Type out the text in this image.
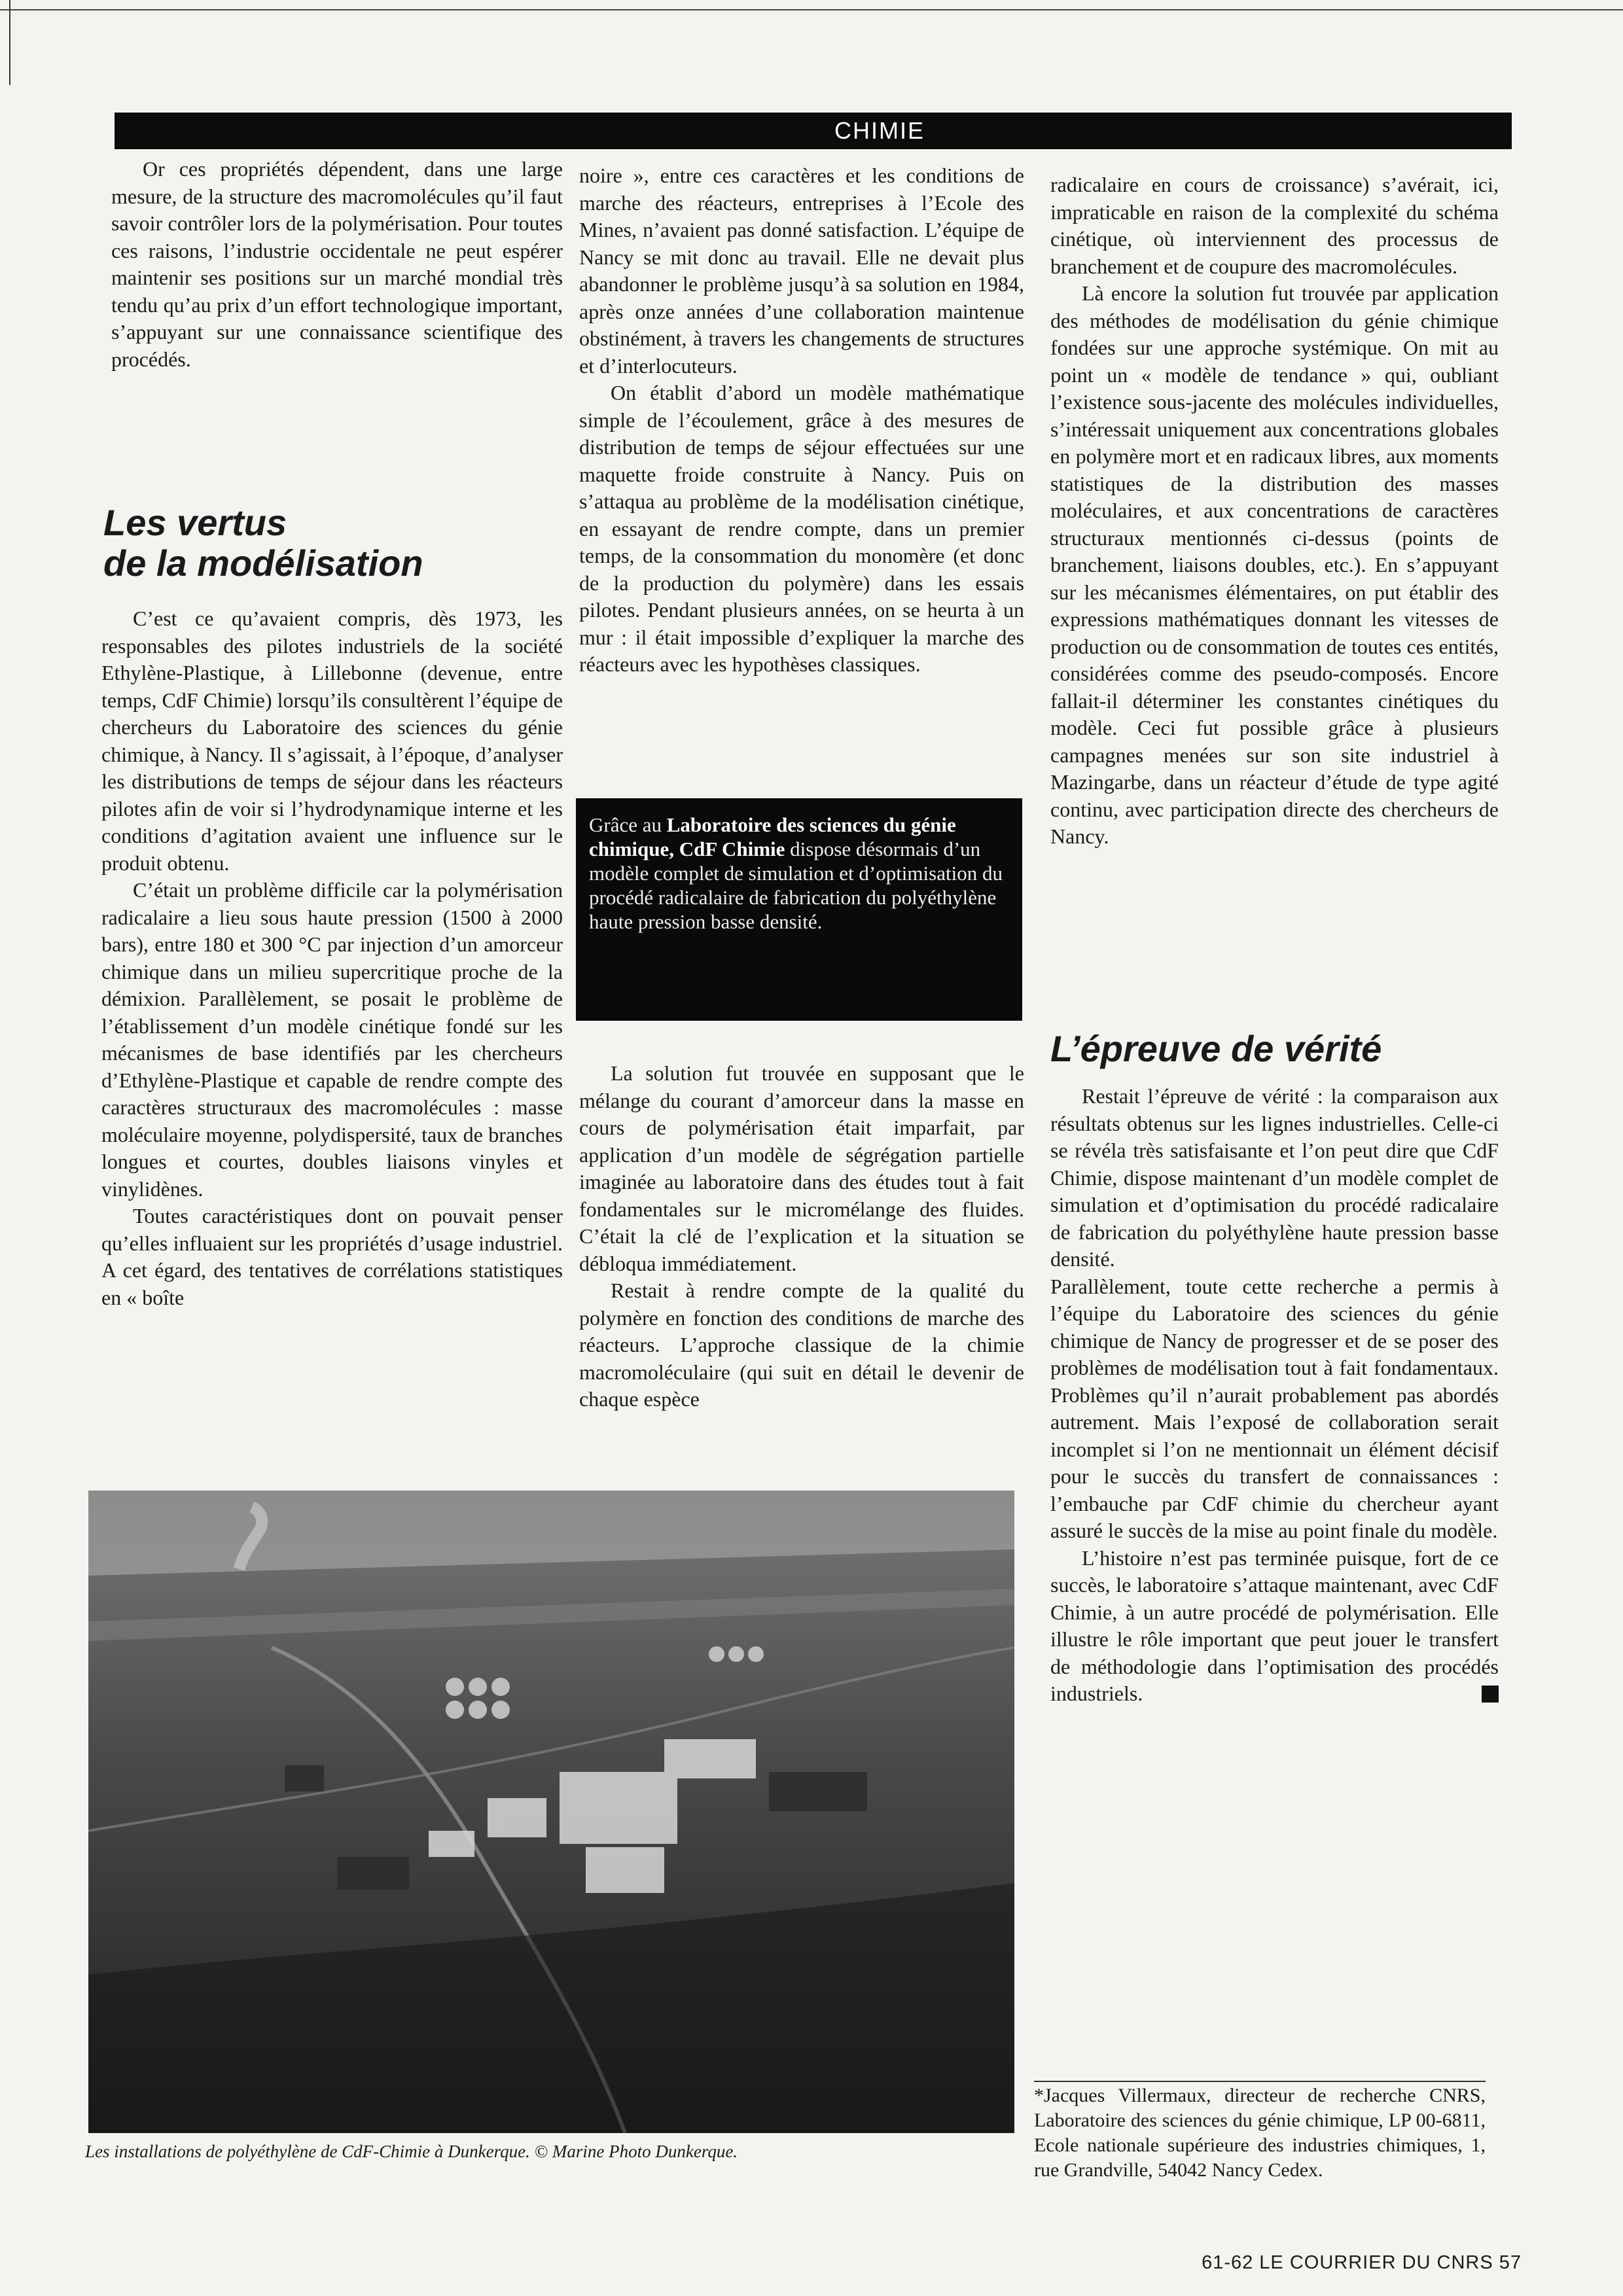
CHIMIE

Or ces propriétés dépendent, dans une large mesure, de la structure des macromolécules qu’il faut savoir contrôler lors de la polymérisation. Pour toutes ces raisons, l’industrie occidentale ne peut espérer maintenir ses positions sur un marché mondial très tendu qu’au prix d’un effort technologique important, s’appuyant sur une connaissance scientifique des procédés.

Les vertus
de la modélisation

C’est ce qu’avaient compris, dès 1973, les responsables des pilotes industriels de la société Ethylène-Plastique, à Lillebonne (devenue, entre temps, CdF Chimie) lorsqu’ils consultèrent l’équipe de chercheurs du Laboratoire des sciences du génie chimique, à Nancy. Il s’agissait, à l’époque, d’analyser les distributions de temps de séjour dans les réacteurs pilotes afin de voir si l’hydrodynamique interne et les conditions d’agitation avaient une influence sur le produit obtenu.

C’était un problème difficile car la polymérisation radicalaire a lieu sous haute pression (1500 à 2000 bars), entre 180 et 300 °C par injection d’un amorceur chimique dans un milieu supercritique proche de la démixion. Parallèlement, se posait le problème de l’établissement d’un modèle cinétique fondé sur les mécanismes de base identifiés par les chercheurs d’Ethylène-Plastique et capable de rendre compte des caractères structuraux des macromolécules : masse moléculaire moyenne, polydispersité, taux de branches longues et courtes, doubles liaisons vinyles et vinylidènes.

Toutes caractéristiques dont on pouvait penser qu’elles influaient sur les propriétés d’usage industriel. A cet égard, des tentatives de corrélations statistiques en « boîte

noire », entre ces caractères et les conditions de marche des réacteurs, entreprises à l’Ecole des Mines, n’avaient pas donné satisfaction. L’équipe de Nancy se mit donc au travail. Elle ne devait plus abandonner le problème jusqu’à sa solution en 1984, après onze années d’une collaboration maintenue obstinément, à travers les changements de structures et d’interlocuteurs.

On établit d’abord un modèle mathématique simple de l’écoulement, grâce à des mesures de distribution de temps de séjour effectuées sur une maquette froide construite à Nancy. Puis on s’attaqua au problème de la modélisation cinétique, en essayant de rendre compte, dans un premier temps, de la consommation du monomère (et donc de la production du polymère) dans les essais pilotes. Pendant plusieurs années, on se heurta à un mur : il était impossible d’expliquer la marche des réacteurs avec les hypothèses classiques.

Grâce au Laboratoire des sciences du génie chimique, CdF Chimie dispose désormais d’un modèle complet de simulation et d’optimisation du procédé radicalaire de fabrication du polyéthylène haute pression basse densité.

La solution fut trouvée en supposant que le mélange du courant d’amorceur dans la masse en cours de polymérisation était imparfait, par application d’un modèle de ségrégation partielle imaginée au laboratoire dans des études tout à fait fondamentales sur le micromélange des fluides. C’était la clé de l’explication et la situation se débloqua immédiatement.

Restait à rendre compte de la qualité du polymère en fonction des conditions de marche des réacteurs. L’approche classique de la chimie macromoléculaire (qui suit en détail le devenir de chaque espèce

radicalaire en cours de croissance) s’avérait, ici, impraticable en raison de la complexité du schéma cinétique, où interviennent des processus de branchement et de coupure des macromolécules.

Là encore la solution fut trouvée par application des méthodes de modélisation du génie chimique fondées sur une approche systémique. On mit au point un « modèle de tendance » qui, oubliant l’existence sous-jacente des molécules individuelles, s’intéressait uniquement aux concentrations globales en polymère mort et en radicaux libres, aux moments statistiques de la distribution des masses moléculaires, et aux concentrations de caractères structuraux mentionnés ci-dessus (points de branchement, liaisons doubles, etc.). En s’appuyant sur les mécanismes élémentaires, on put établir des expressions mathématiques donnant les vitesses de production ou de consommation de toutes ces entités, considérées comme des pseudo-composés. Encore fallait-il déterminer les constantes cinétiques du modèle. Ceci fut possible grâce à plusieurs campagnes menées sur son site industriel à Mazingarbe, dans un réacteur d’étude de type agité continu, avec participation directe des chercheurs de Nancy.

L’épreuve de vérité

Restait l’épreuve de vérité : la comparaison aux résultats obtenus sur les lignes industrielles. Celle-ci se révéla très satisfaisante et l’on peut dire que CdF Chimie, dispose maintenant d’un modèle complet de simulation et d’optimisation du procédé radicalaire de fabrication du polyéthylène haute pression basse densité.

Parallèlement, toute cette recherche a permis à l’équipe du Laboratoire des sciences du génie chimique de Nancy de progresser et de se poser des problèmes de modélisation tout à fait fondamentaux. Problèmes qu’il n’aurait probablement pas abordés autrement. Mais l’exposé de collaboration serait incomplet si l’on ne mentionnait un élément décisif pour le succès du transfert de connaissances : l’embauche par CdF chimie du chercheur ayant assuré le succès de la mise au point finale du modèle.

L’histoire n’est pas terminée puisque, fort de ce succès, le laboratoire s’attaque maintenant, avec CdF Chimie, à un autre procédé de polymérisation. Elle illustre le rôle important que peut jouer le transfert de méthodologie dans l’optimisation des procédés industriels.

Les installations de polyéthylène de CdF-Chimie à Dunkerque. © Marine Photo Dunkerque.
*Jacques Villermaux, directeur de recherche CNRS, Laboratoire des sciences du génie chimique, LP 00-6811, Ecole nationale supérieure des industries chimiques, 1, rue Grandville, 54042 Nancy Cedex.
61-62 LE COURRIER DU CNRS 57
